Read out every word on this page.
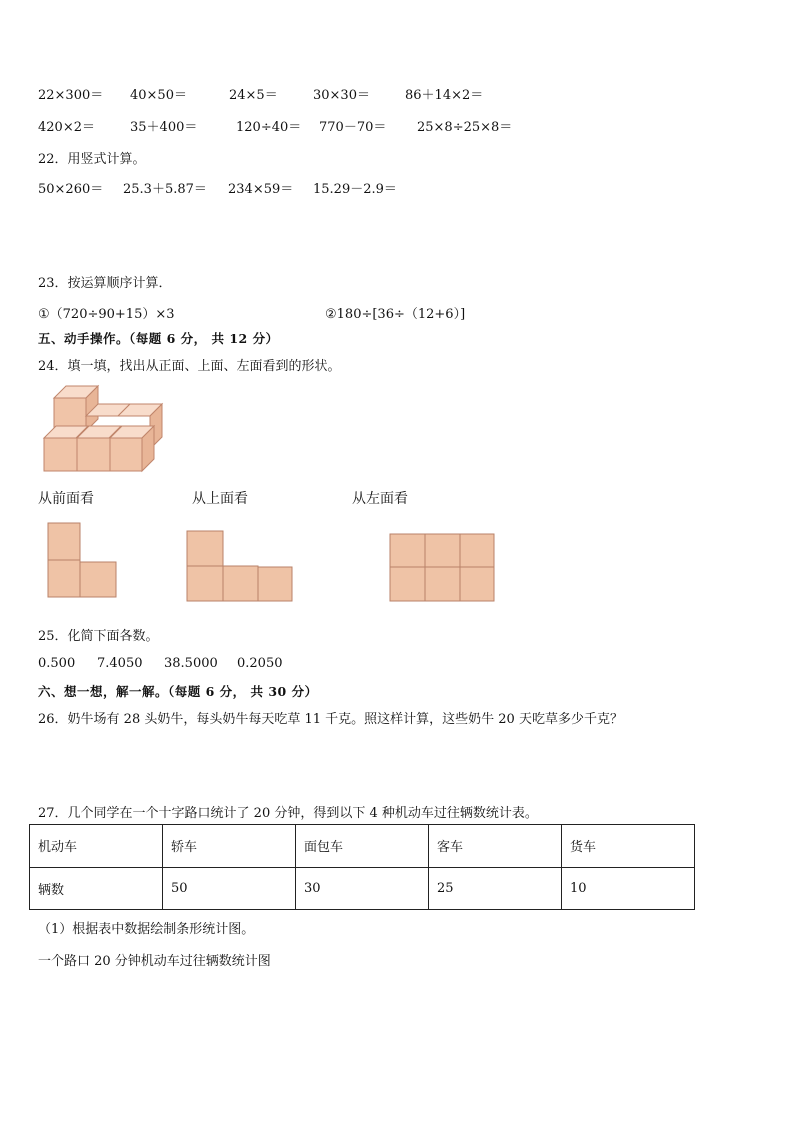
22×300＝ 40×50＝	24×5＝	30×30＝	86＋14×2＝
420×2＝	35＋400＝	120÷40＝ 770－70＝ 25×8÷25×8＝
22．用竖式计算。
50×260＝ 25.3＋5.87＝ 234×59＝ 15.29－2.9＝
23．按运算顺序计算．
①（720÷90+15）×3	②180÷[36÷（12+6）]
五、动手操作。（每题 6 分， 共 12 分）
24．填一填，找出从正面、上面、左面看到的形状。
从前面看	从上面看	从左面看
25．化简下面各数。
0.500 7.4050 38.5000 0.2050
六、想一想，解一解。（每题 6 分， 共 30 分）
26．奶牛场有 28 头奶牛，每头奶牛每天吃草 11 千克。照这样计算，这些奶牛 20 天吃草多少千克？
27．几个同学在一个十字路口统计了 20 分钟，得到以下 4 种机动车过往辆数统计表。
机动车	轿车	面包车	客车	货车
辆数	50	30	25	10
（1）根据表中数据绘制条形统计图。
一个路口 20 分钟机动车过往辆数统计图
